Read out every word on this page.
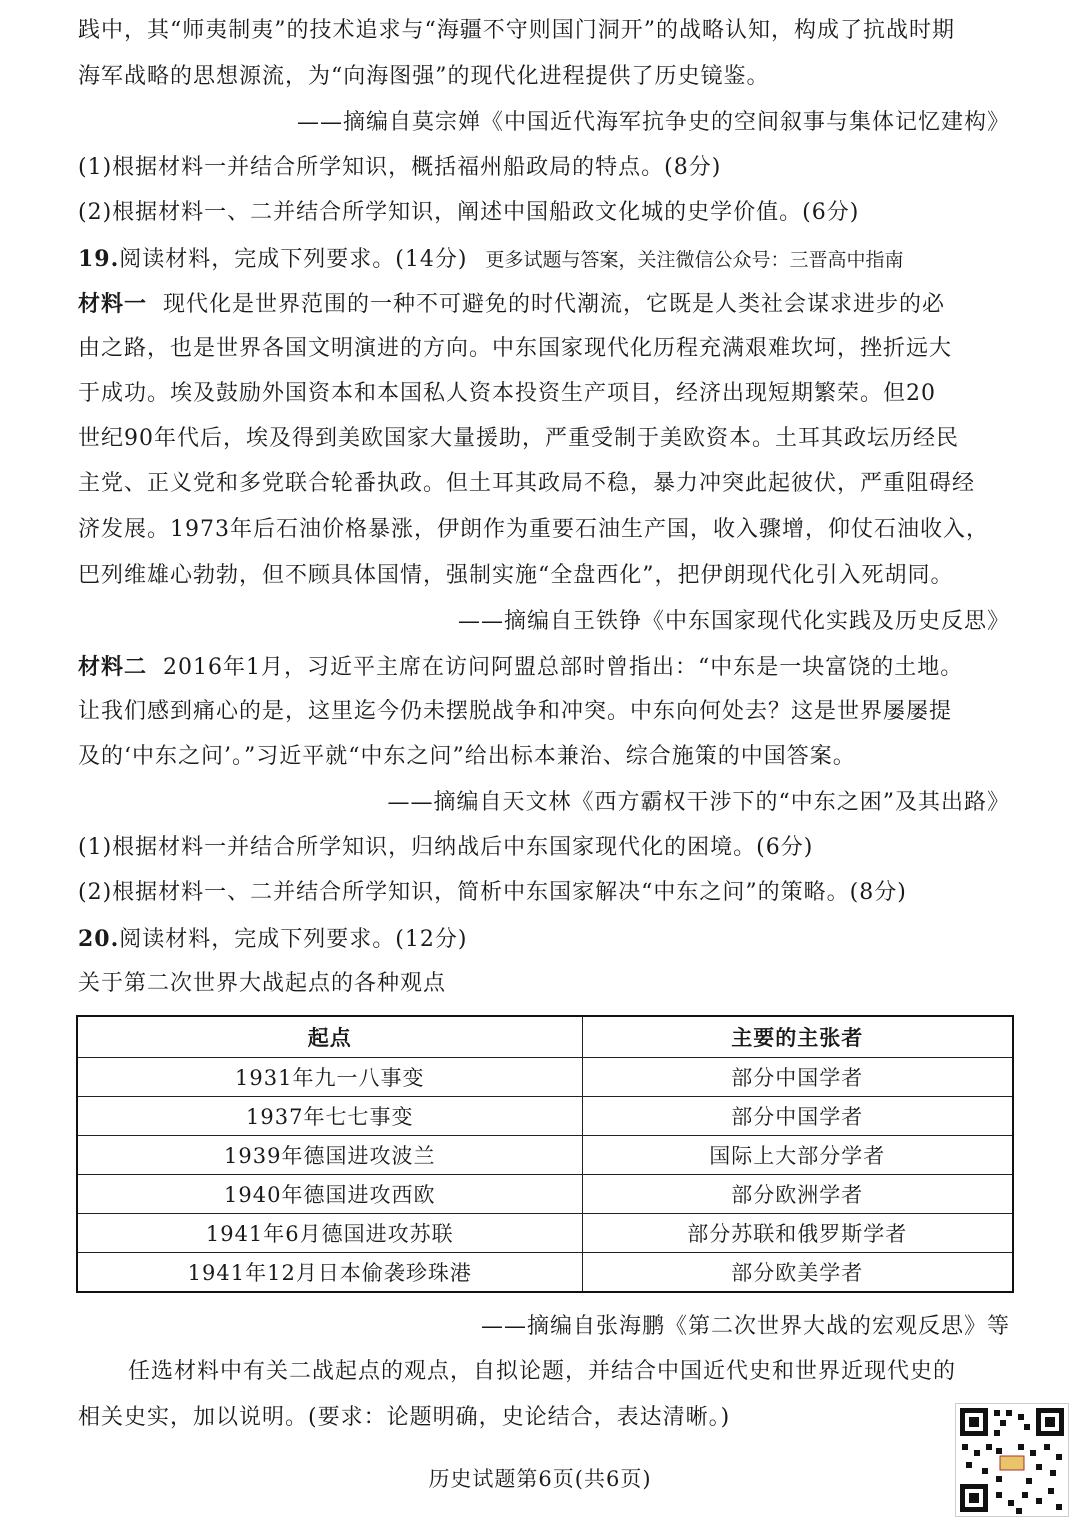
践中，其“师夷制夷”的技术追求与“海疆不守则国门洞开”的战略认知，构成了抗战时期
海军战略的思想源流，为“向海图强”的现代化进程提供了历史镜鉴。
——摘编自莫宗婵《中国近代海军抗争史的空间叙事与集体记忆建构》
(1)根据材料一并结合所学知识，概括福州船政局的特点。(8分)
(2)根据材料一、二并结合所学知识，阐述中国船政文化城的史学价值。(6分)
19.阅读材料，完成下列要求。(14分) 更多试题与答案，关注微信公众号：三晋高中指南
材料一 现代化是世界范围的一种不可避免的时代潮流，它既是人类社会谋求进步的必
由之路，也是世界各国文明演进的方向。中东国家现代化历程充满艰难坎坷，挫折远大
于成功。埃及鼓励外国资本和本国私人资本投资生产项目，经济出现短期繁荣。但20
世纪90年代后，埃及得到美欧国家大量援助，严重受制于美欧资本。土耳其政坛历经民
主党、正义党和多党联合轮番执政。但土耳其政局不稳，暴力冲突此起彼伏，严重阻碍经
济发展。1973年后石油价格暴涨，伊朗作为重要石油生产国，收入骤增，仰仗石油收入，
巴列维雄心勃勃，但不顾具体国情，强制实施“全盘西化”，把伊朗现代化引入死胡同。
——摘编自王铁铮《中东国家现代化实践及历史反思》
材料二 2016年1月，习近平主席在访问阿盟总部时曾指出：“中东是一块富饶的土地。
让我们感到痛心的是，这里迄今仍未摆脱战争和冲突。中东向何处去？这是世界屡屡提
及的‘中东之问’。”习近平就“中东之问”给出标本兼治、综合施策的中国答案。
——摘编自天文林《西方霸权干涉下的“中东之困”及其出路》
(1)根据材料一并结合所学知识，归纳战后中东国家现代化的困境。(6分)
(2)根据材料一、二并结合所学知识，简析中东国家解决“中东之问”的策略。(8分)
20.阅读材料，完成下列要求。(12分)
关于第二次世界大战起点的各种观点
起点	主要的主张者
1931年九一八事变	部分中国学者
1937年七七事变	部分中国学者
1939年德国进攻波兰	国际上大部分学者
1940年德国进攻西欧	部分欧洲学者
1941年6月德国进攻苏联	部分苏联和俄罗斯学者
1941年12月日本偷袭珍珠港	部分欧美学者
——摘编自张海鹏《第二次世界大战的宏观反思》等
任选材料中有关二战起点的观点，自拟论题，并结合中国近代史和世界近现代史的
相关史实，加以说明。(要求：论题明确，史论结合，表达清晰。)
历史试题第6页(共6页)
